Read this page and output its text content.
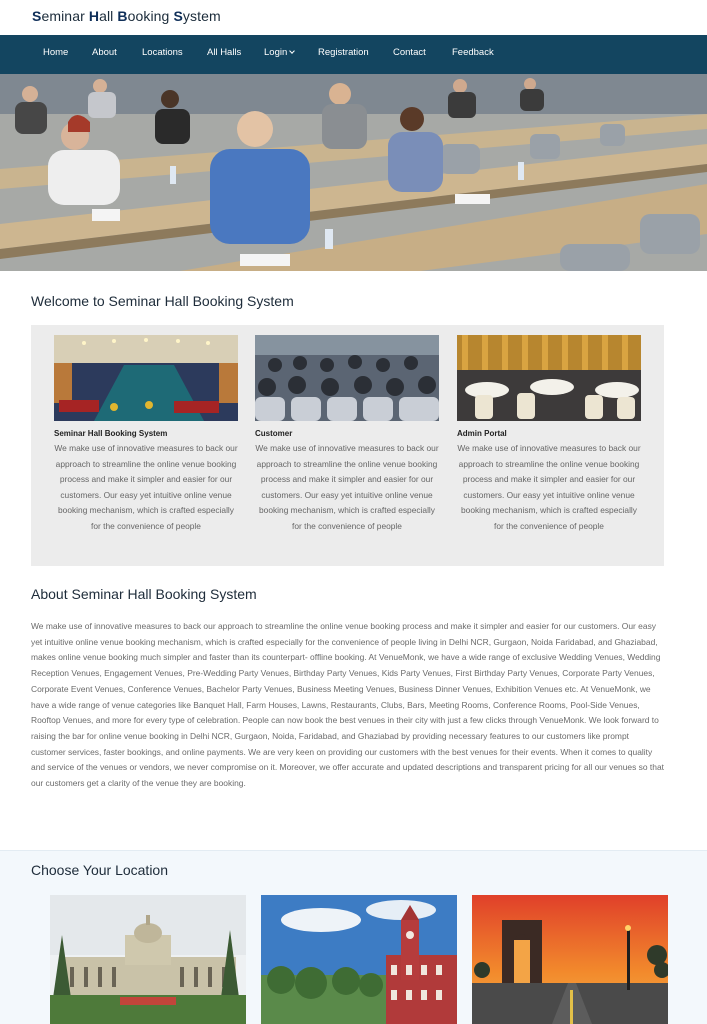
Seminar Hall Booking System
Home About	Locations	All Halls Login	Registration	Contact	Feedback
Welcome to Seminar Hall Booking System
Seminar Hall Booking System
We make use of innovative measures to back our approach to streamline the online venue booking process and make it simpler and easier for our customers. Our easy yet intuitive online venue booking mechanism, which is crafted especially for the convenience of people
Customer
We make use of innovative measures to back our approach to streamline the online venue booking process and make it simpler and easier for our customers. Our easy yet intuitive online venue booking mechanism, which is crafted especially for the convenience of people
Admin Portal
We make use of innovative measures to back our approach to streamline the online venue booking process and make it simpler and easier for our customers. Our easy yet intuitive online venue booking mechanism, which is crafted especially for the convenience of people
About Seminar Hall Booking System
We make use of innovative measures to back our approach to streamline the online venue booking process and make it simpler and easier for our customers. Our easy yet intuitive online venue booking mechanism, which is crafted especially for the convenience of people living in Delhi NCR, Gurgaon, Noida Faridabad, and Ghaziabad, makes online venue booking much simpler and faster than its counterpart- offline booking. At VenueMonk, we have a wide range of exclusive Wedding Venues, Wedding Reception Venues, Engagement Venues, Pre-Wedding Party Venues, Birthday Party Venues, Kids Party Venues, First Birthday Party Venues, Corporate Party Venues, Corporate Event Venues, Conference Venues, Bachelor Party Venues, Business Meeting Venues, Business Dinner Venues, Exhibition Venues etc. At VenueMonk, we have a wide range of venue categories like Banquet Hall, Farm Houses, Lawns, Restaurants, Clubs, Bars, Meeting Rooms, Conference Rooms, Pool-Side Venues, Rooftop Venues, and more for every type of celebration. People can now book the best venues in their city with just a few clicks through VenueMonk. We look forward to raising the bar for online venue booking in Delhi NCR, Gurgaon, Noida, Faridabad, and Ghaziabad by providing necessary features to our customers like prompt customer services, faster bookings, and online payments. We are very keen on providing our customers with the best venues for their events. When it comes to quality and service of the venues or vendors, we never compromise on it. Moreover, we offer accurate and updated descriptions and transparent pricing for all our venues so that our customers get a clarity of the venue they are booking.
Choose Your Location
